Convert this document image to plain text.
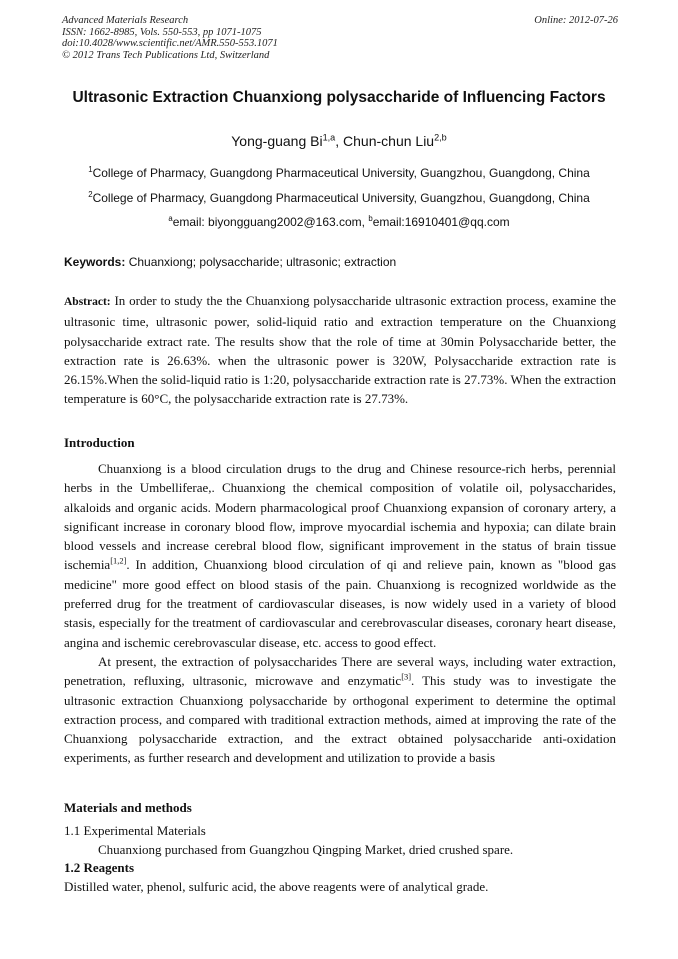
Advanced Materials Research
ISSN: 1662-8985, Vols. 550-553, pp 1071-1075
doi:10.4028/www.scientific.net/AMR.550-553.1071
© 2012 Trans Tech Publications Ltd, Switzerland
Online: 2012-07-26
Ultrasonic Extraction Chuanxiong polysaccharide of Influencing Factors
Yong-guang Bi$^{1,a}$, Chun-chun Liu$^{2,b}$
$^1$College of Pharmacy, Guangdong Pharmaceutical University, Guangzhou, Guangdong, China
$^2$College of Pharmacy, Guangdong Pharmaceutical University, Guangzhou, Guangdong, China
$^a$email: biyongguang2002@163.com, $^b$email:16910401@qq.com
Keywords: Chuanxiong; polysaccharide; ultrasonic; extraction
Abstract: In order to study the the Chuanxiong polysaccharide ultrasonic extraction process, examine the ultrasonic time, ultrasonic power, solid-liquid ratio and extraction temperature on the Chuanxiong polysaccharide extract rate. The results show that the role of time at 30min Polysaccharide better, the extraction rate is 26.63%. when the ultrasonic power is 320W, Polysaccharide extraction rate is 26.15%.When the solid-liquid ratio is 1:20, polysaccharide extraction rate is 27.73%. When the extraction temperature is 60°C, the polysaccharide extraction rate is 27.73%.
Introduction
Chuanxiong is a blood circulation drugs to the drug and Chinese resource-rich herbs, perennial herbs in the Umbelliferae,. Chuanxiong the chemical composition of volatile oil, polysaccharides, alkaloids and organic acids. Modern pharmacological proof Chuanxiong expansion of coronary artery, a significant increase in coronary blood flow, improve myocardial ischemia and hypoxia; can dilate brain blood vessels and increase cerebral blood flow, significant improvement in the status of brain tissue ischemia[1,2]. In addition, Chuanxiong blood circulation of qi and relieve pain, known as "blood gas medicine" more good effect on blood stasis of the pain. Chuanxiong is recognized worldwide as the preferred drug for the treatment of cardiovascular diseases, is now widely used in a variety of blood stasis, especially for the treatment of cardiovascular and cerebrovascular diseases, coronary heart disease, angina and ischemic cerebrovascular disease, etc. access to good effect.
At present, the extraction of polysaccharides There are several ways, including water extraction, penetration, refluxing, ultrasonic, microwave and enzymatic[3]. This study was to investigate the ultrasonic extraction Chuanxiong polysaccharide by orthogonal experiment to determine the optimal extraction process, and compared with traditional extraction methods, aimed at improving the rate of the Chuanxiong polysaccharide extraction, and the extract obtained polysaccharide anti-oxidation experiments, as further research and development and utilization to provide a basis
Materials and methods
1.1 Experimental Materials
Chuanxiong purchased from Guangzhou Qingping Market, dried crushed spare.
1.2 Reagents
Distilled water, phenol, sulfuric acid, the above reagents were of analytical grade.
